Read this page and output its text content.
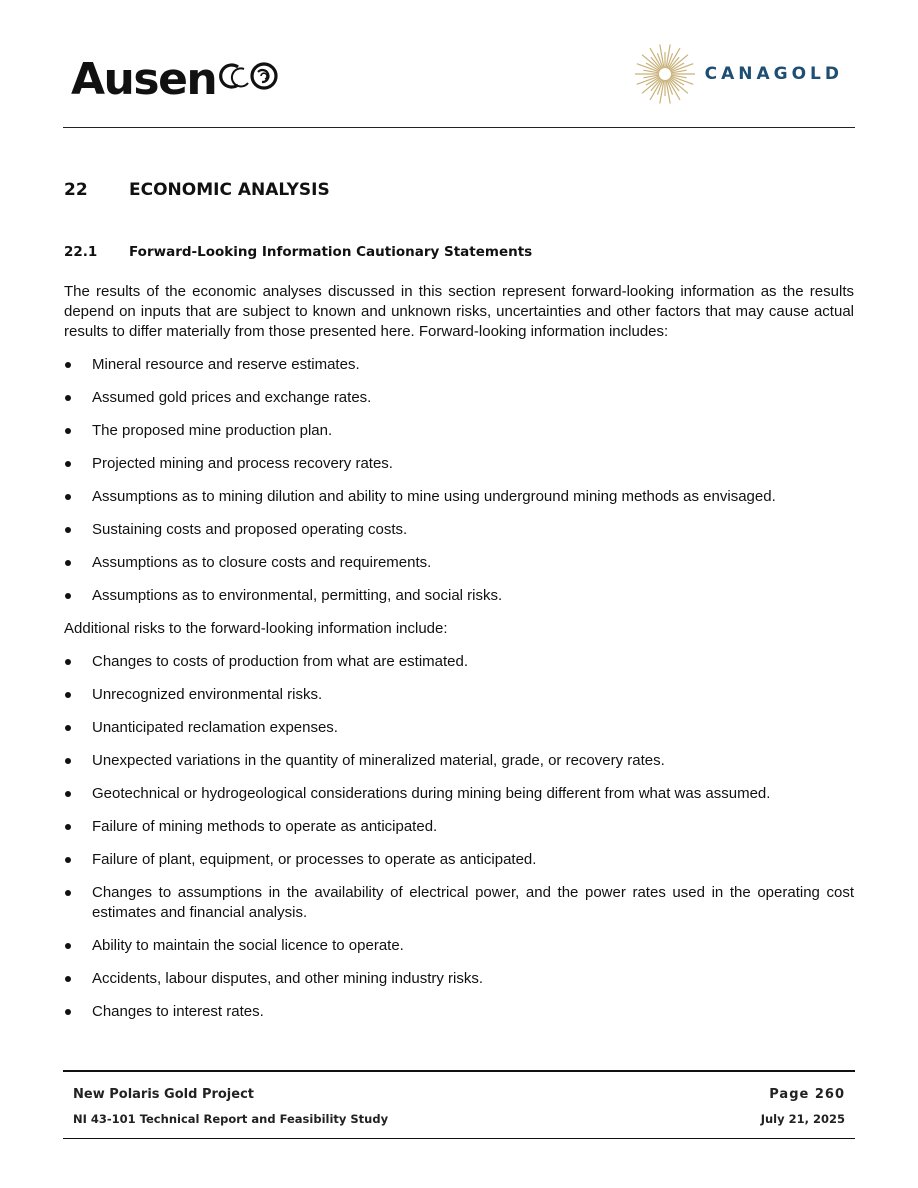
Ausen	CANAGOLD
22 ECONOMIC ANALYSIS
22.1 Forward-Looking Information Cautionary Statements

The results of the economic analyses discussed in this section represent forward-looking information as the results depend on inputs that are subject to known and unknown risks, uncertainties and other factors that may cause actual results to differ materially from those presented here. Forward-looking information includes:

Mineral resource and reserve estimates.
Assumed gold prices and exchange rates.
The proposed mine production plan.
Projected mining and process recovery rates.
Assumptions as to mining dilution and ability to mine using underground mining methods as envisaged.
Sustaining costs and proposed operating costs.
Assumptions as to closure costs and requirements.
Assumptions as to environmental, permitting, and social risks.

Additional risks to the forward-looking information include:

Changes to costs of production from what are estimated.
Unrecognized environmental risks.
Unanticipated reclamation expenses.
Unexpected variations in the quantity of mineralized material, grade, or recovery rates.
Geotechnical or hydrogeological considerations during mining being different from what was assumed.
Failure of mining methods to operate as anticipated.
Failure of plant, equipment, or processes to operate as anticipated.
Changes to assumptions in the availability of electrical power, and the power rates used in the operating cost estimates and financial analysis.
Ability to maintain the social licence to operate.
Accidents, labour disputes, and other mining industry risks.
Changes to interest rates.
New Polaris Gold Project	Page 260
NI 43-101 Technical Report and Feasibility Study	July 21, 2025
